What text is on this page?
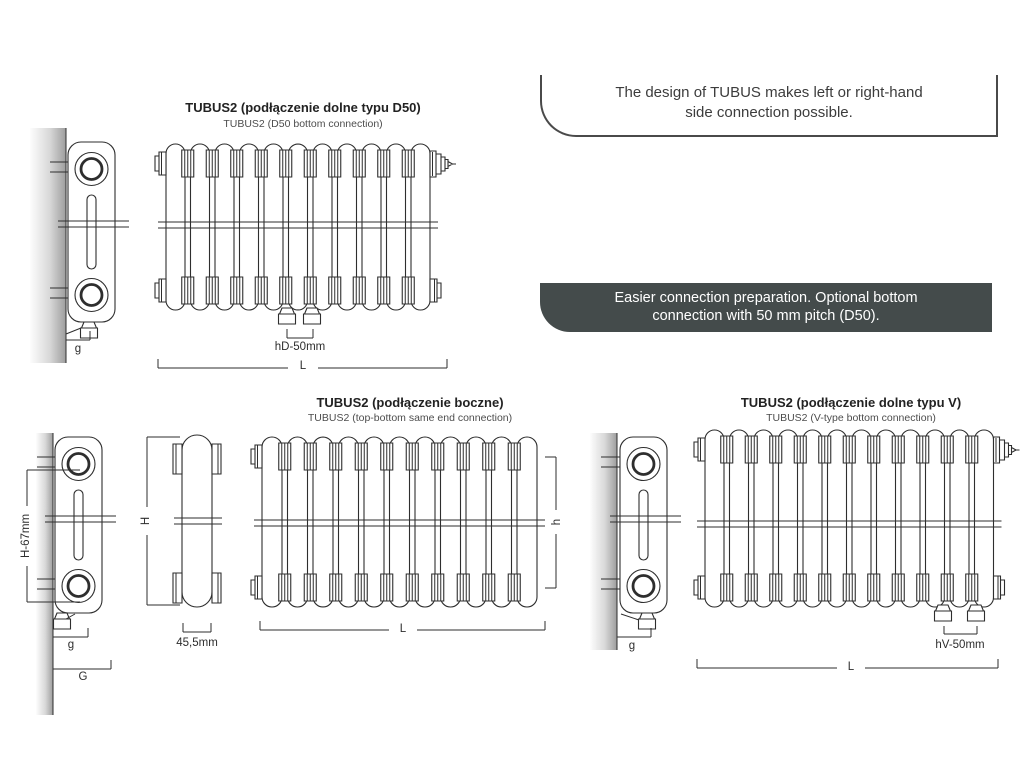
TUBUS2 (podłączenie dolne typu D50)
TUBUS2 (D50 bottom connection)
g	hD-50mm
L
The design of TUBUS makes left or right-hand
side connection possible.
Easier connection preparation. Optional bottom
connection with 50 mm pitch (D50).
TUBUS2 (podłączenie boczne)
TUBUS2 (top-bottom same end connection)
H-67mm
g
G
H
45,5mm
h
L
TUBUS2 (podłączenie dolne typu V)
TUBUS2 (V-type bottom connection)
g	hV-50mm
L
